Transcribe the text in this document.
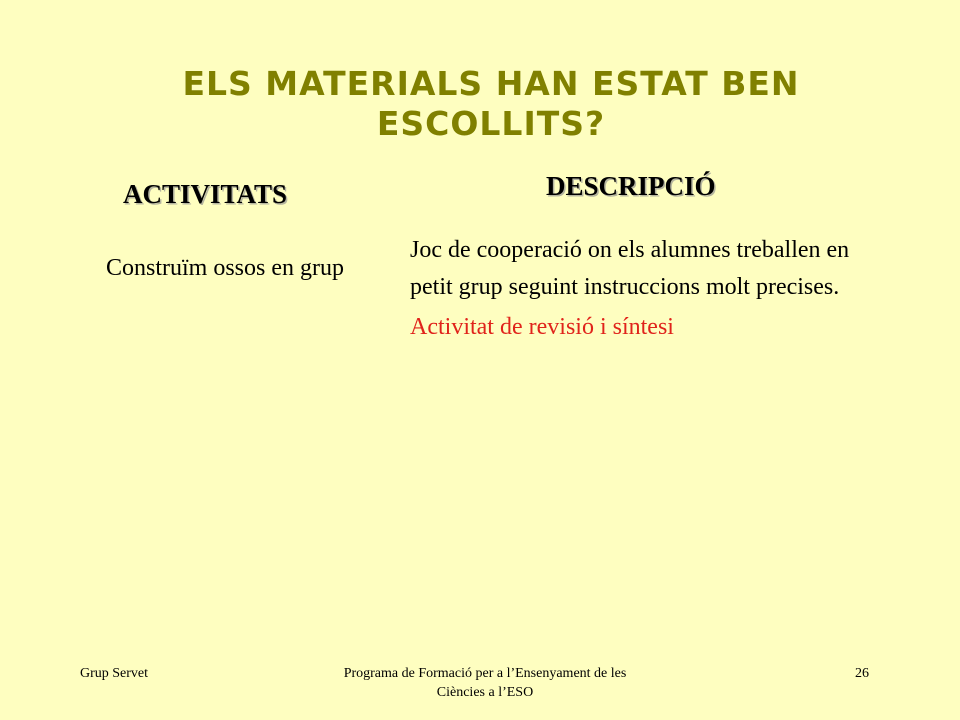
ELS MATERIALS HAN ESTAT BEN
ESCOLLITS?
ACTIVITATS	DESCRIPCIÓ
Construïm ossos en grup

Joc de cooperació on els alumnes treballen en petit grup seguint instruccions molt precises.

Activitat de revisió i síntesi

Grup Servet	Programa de Formació per a l’Ensenyament de les Ciències a l’ESO
26
